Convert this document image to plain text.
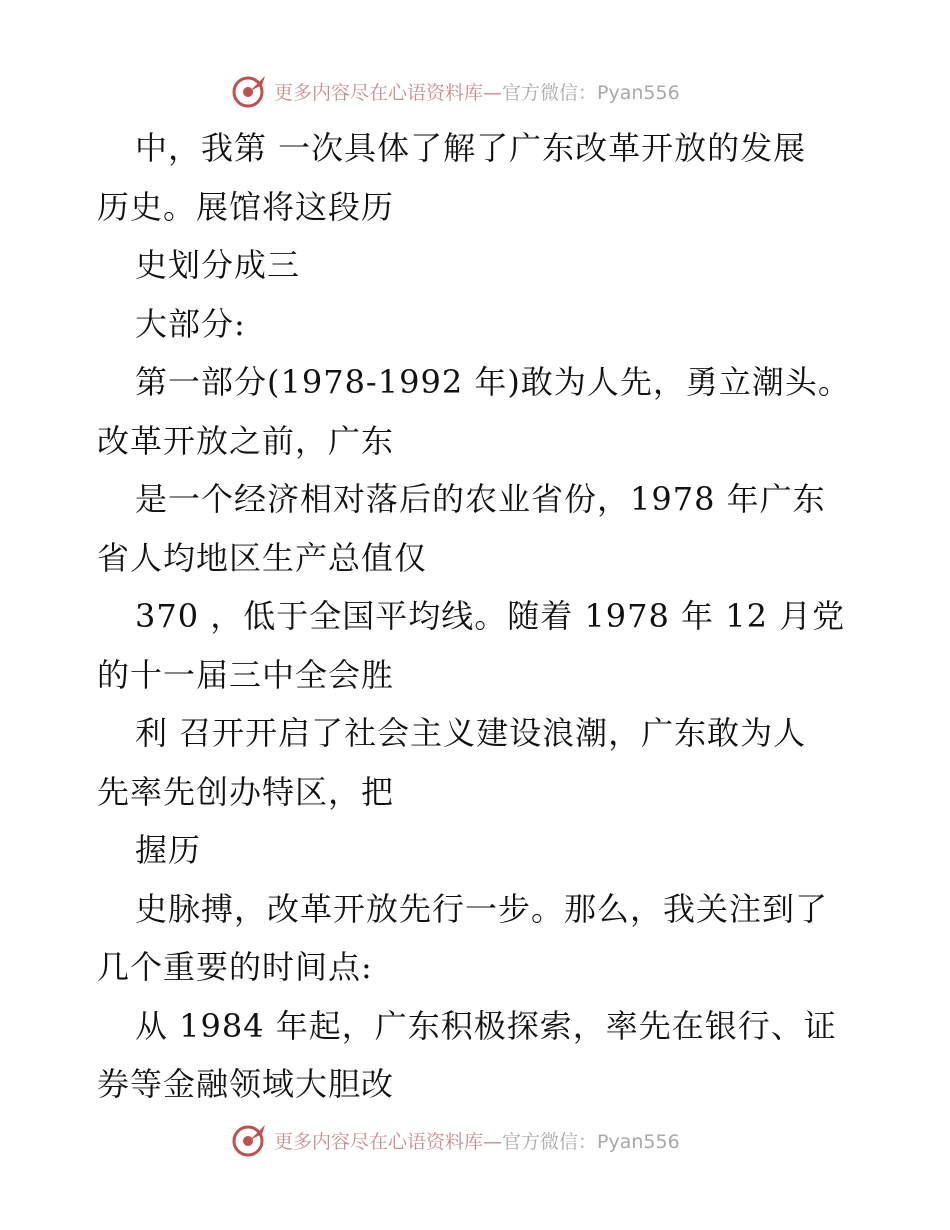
更多内容尽在心语资料库—官方微信：Pyan556
中，我第 一次具体了解了广东改革开放的发展
历史。展馆将这段历
史划分成三
大部分:
第一部分(1978-1992 年)敢为人先，勇立潮头。
改革开放之前，广东
是一个经济相对落后的农业省份，1978 年广东
省人均地区生产总值仅
370 ，低于全国平均线。随着 1978 年 12 月党
的十一届三中全会胜
利 召开开启了社会主义建设浪潮，广东敢为人
先率先创办特区，把
握历
史脉搏，改革开放先行一步。那么，我关注到了
几个重要的时间点:
从 1984 年起，广东积极探索，率先在银行、证
券等金融领域大胆改
更多内容尽在心语资料库—官方微信：Pyan556
